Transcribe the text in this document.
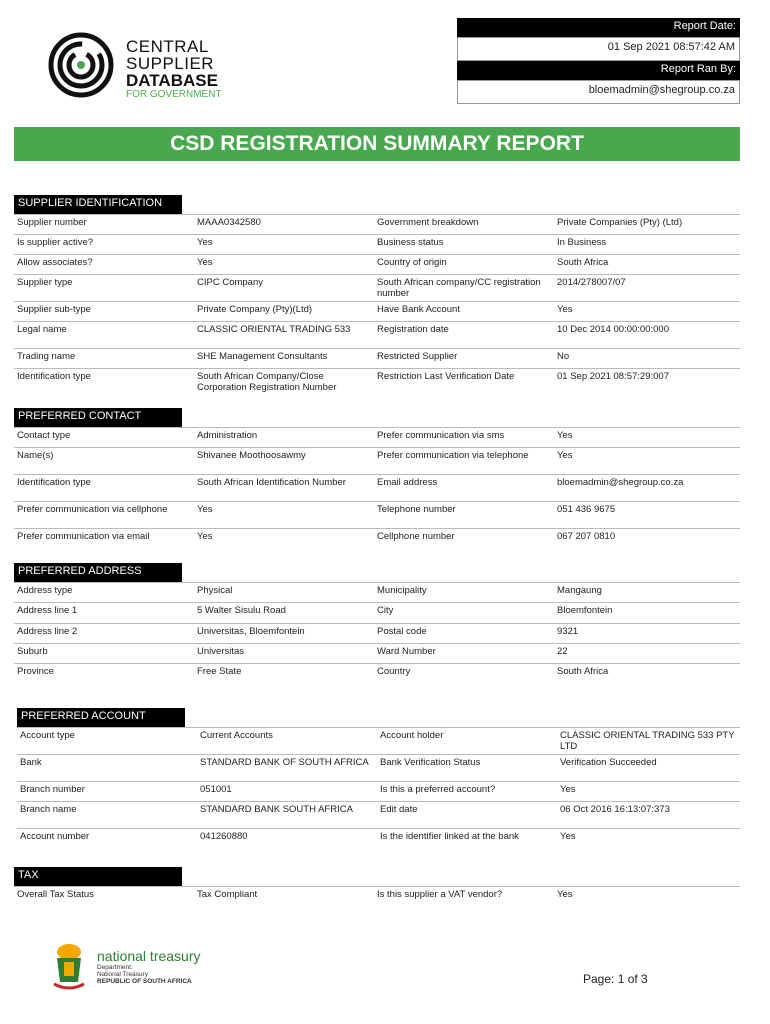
CENTRAL SUPPLIER
DATABASE
FOR GOVERNMENT
Report Date:
01 Sep 2021 08:57:42 AM
Report Ran By:
bloemadmin@shegroup.co.za
CSD REGISTRATION SUMMARY REPORT
SUPPLIER IDENTIFICATION
Supplier number	MAAA0342580	Government breakdown	Private Companies (Pty) (Ltd)
Is supplier active?	Yes	Business status	In Business
Allow associates?	Yes	Country of origin	South Africa
Supplier type	CIPC Company	South African company/CC registration number	2014/278007/07
Supplier sub-type	Private Company (Pty)(Ltd)	Have Bank Account	Yes
Legal name	CLASSIC ORIENTAL TRADING 533	Registration date	10 Dec 2014 00:00:00:000
Trading name	SHE Management Consultants	Restricted Supplier	No
Identification type	South African Company/Close Corporation Registration Number	Restriction Last Verification Date	01 Sep 2021 08:57:29:007
PREFERRED CONTACT
Contact type	Administration	Prefer communication via sms	Yes
Name(s)	Shivanee Moothoosawmy	Prefer communication via telephone	Yes
Identification type	South African Identification Number	Email address	bloemadmin@shegroup.co.za
Prefer communication via cellphone	Yes	Telephone number	051 436 9675
Prefer communication via email	Yes	Cellphone number	067 207 0810
PREFERRED ADDRESS
Address type	Physical	Municipality	Mangaung
Address line 1	5 Walter Sisulu Road	City	Bloemfontein
Address line 2	Universitas, Bloemfontein	Postal code	9321
Suburb	Universitas	Ward Number	22
Province	Free State	Country	South Africa
PREFERRED ACCOUNT
Account type	Current Accounts	Account holder	CLASSIC ORIENTAL TRADING 533 PTY LTD
Bank	STANDARD BANK OF SOUTH AFRICA	Bank Verification Status	Verification Succeeded
Branch number	051001	Is this a preferred account?	Yes
Branch name	STANDARD BANK SOUTH AFRICA	Edit date	06 Oct 2016 16:13:07:373
Account number	041260880	Is the identifier linked at the bank	Yes
TAX
Overall Tax Status	Tax Compliant	Is this supplier a VAT vendor?	Yes
national treasury
Department:
National Treasury
REPUBLIC OF SOUTH AFRICA	Page: 1 of 3
